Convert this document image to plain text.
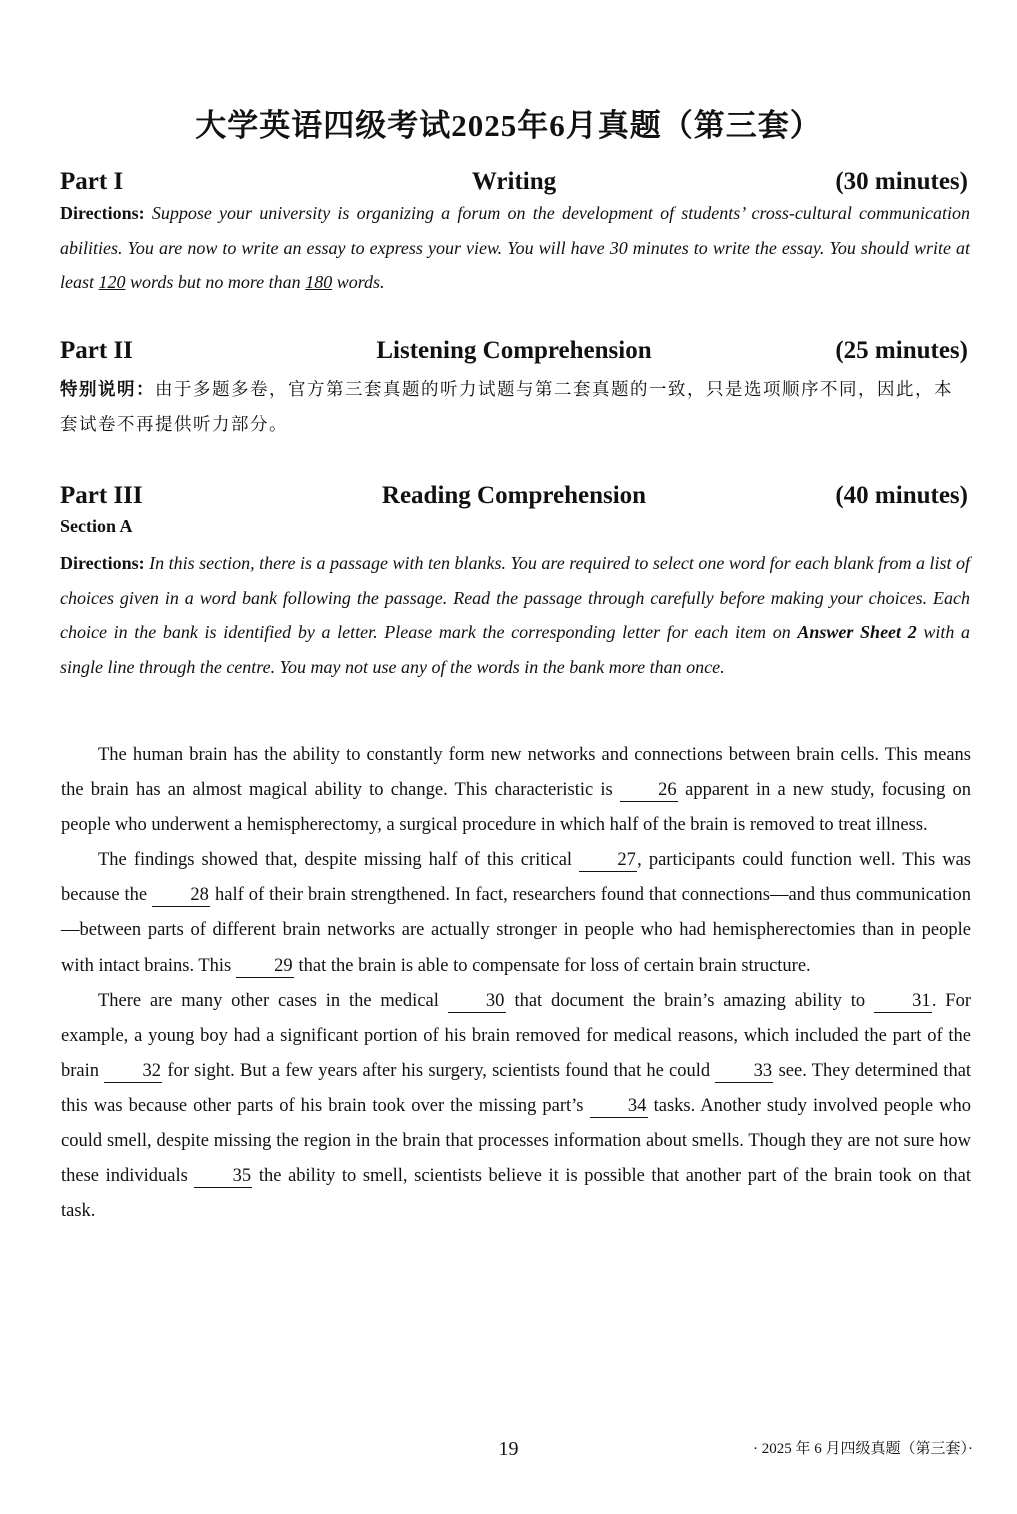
大学英语四级考试2025年6月真题（第三套）
Part I	Writing	(30 minutes)
Directions: Suppose your university is organizing a forum on the development of students’ cross-cultural communication abilities. You are now to write an essay to express your view. You will have 30 minutes to write the essay. You should write at least 120 words but no more than 180 words.
Part II	Listening Comprehension	(25 minutes)
特别说明：由于多题多卷，官方第三套真题的听力试题与第二套真题的一致，只是选项顺序不同，因此，本套试卷不再提供听力部分。
Part III	Reading Comprehension	(40 minutes)
Section A
Directions: In this section, there is a passage with ten blanks. You are required to select one word for each blank from a list of choices given in a word bank following the passage. Read the passage through carefully before making your choices. Each choice in the bank is identified by a letter. Please mark the corresponding letter for each item on Answer Sheet 2 with a single line through the centre. You may not use any of the words in the bank more than once.

The human brain has the ability to constantly form new networks and connections between brain cells. This means the brain has an almost magical ability to change. This characteristic is 26 apparent in a new study, focusing on people who underwent a hemispherectomy, a surgical procedure in which half of the brain is removed to treat illness.

The findings showed that, despite missing half of this critical 27, participants could function well. This was because the 28 half of their brain strengthened. In fact, researchers found that connections—and thus communication—between parts of different brain networks are actually stronger in people who had hemispherectomies than in people with intact brains. This 29 that the brain is able to compensate for loss of certain brain structure.

There are many other cases in the medical	30 that document the brain’s amazing ability to	31. For example, a young boy had a significant portion of his brain removed for medical reasons, which included the part of the brain 32 for sight. But a few years after his surgery, scientists found that he could 33 see. They determined that this was because other parts of his brain took over the missing part’s 34 tasks. Another study involved people who could smell, despite missing the region in the brain that processes information about smells. Though they are not sure how these individuals 35 the ability to smell, scientists believe it is possible that another part of the brain took on that task.

19	· 2025 年 6 月四级真题（第三套）·
